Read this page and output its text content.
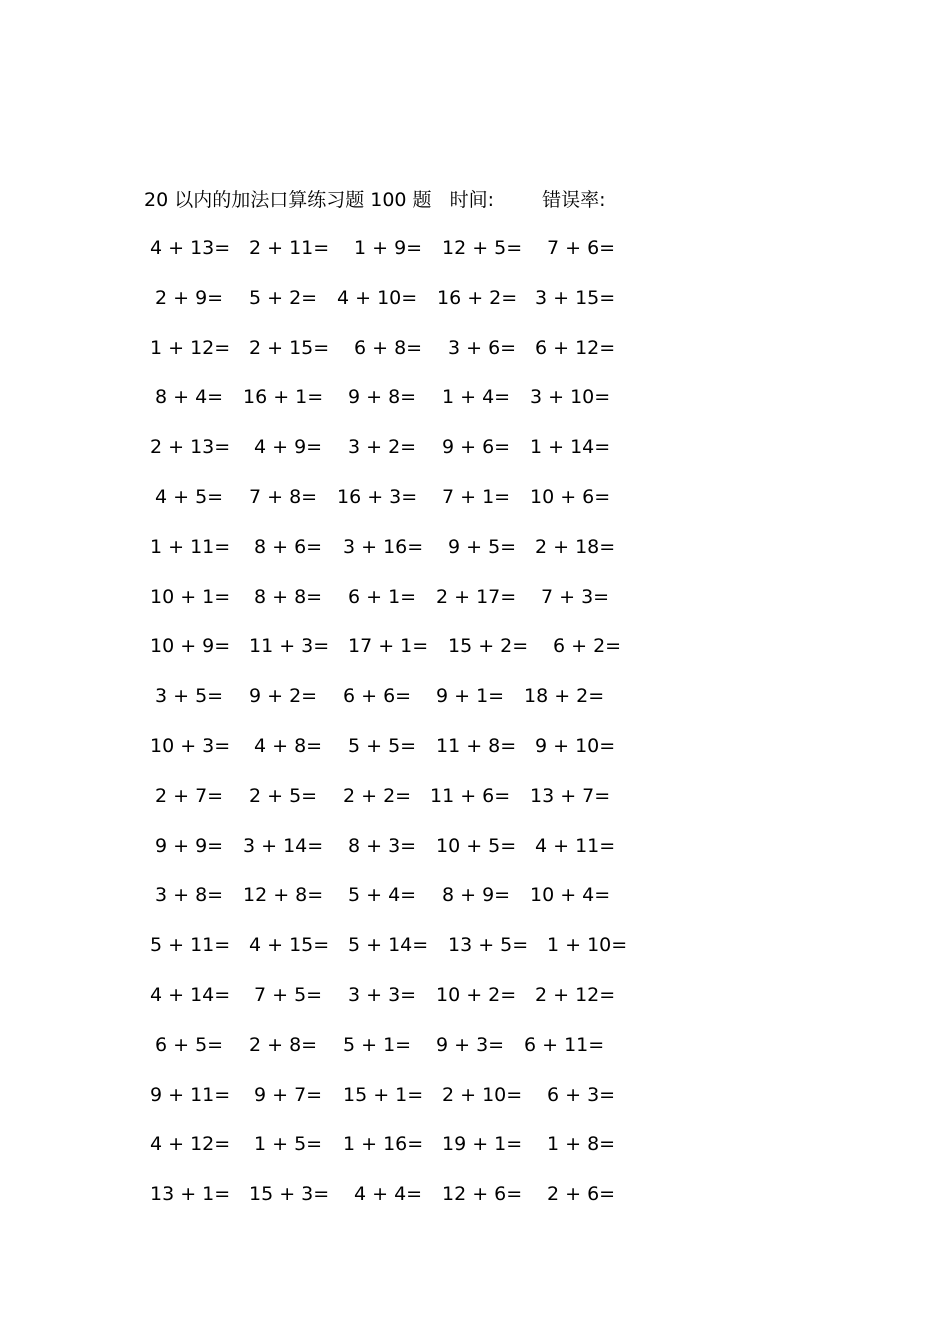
20 以内的加法口算练习题 100 题 时间:	错误率:
4 + 13= 2 + 11= 1 + 9= 12 + 5= 7 + 6=
2 + 9= 5 + 2= 4 + 10= 16 + 2= 3 + 15=
1 + 12= 2 + 15= 6 + 8= 3 + 6= 6 + 12=
8 + 4= 16 + 1= 9 + 8= 1 + 4= 3 + 10=
2 + 13= 4 + 9= 3 + 2= 9 + 6= 1 + 14=
4 + 5= 7 + 8= 16 + 3= 7 + 1= 10 + 6=
1 + 11= 8 + 6= 3 + 16= 9 + 5= 2 + 18=
10 + 1= 8 + 8= 6 + 1= 2 + 17= 7 + 3=
10 + 9= 11 + 3= 17 + 1= 15 + 2= 6 + 2=
3 + 5= 9 + 2= 6 + 6= 9 + 1= 18 + 2=
10 + 3= 4 + 8= 5 + 5= 11 + 8= 9 + 10=
2 + 7= 2 + 5= 2 + 2= 11 + 6= 13 + 7=
9 + 9= 3 + 14= 8 + 3= 10 + 5= 4 + 11=
3 + 8= 12 + 8= 5 + 4= 8 + 9= 10 + 4=
5 + 11= 4 + 15= 5 + 14= 13 + 5= 1 + 10=
4 + 14= 7 + 5= 3 + 3= 10 + 2= 2 + 12=
6 + 5= 2 + 8= 5 + 1= 9 + 3= 6 + 11=
9 + 11= 9 + 7= 15 + 1= 2 + 10= 6 + 3=
4 + 12= 1 + 5= 1 + 16= 19 + 1= 1 + 8=
13 + 1= 15 + 3= 4 + 4= 12 + 6= 2 + 6=
